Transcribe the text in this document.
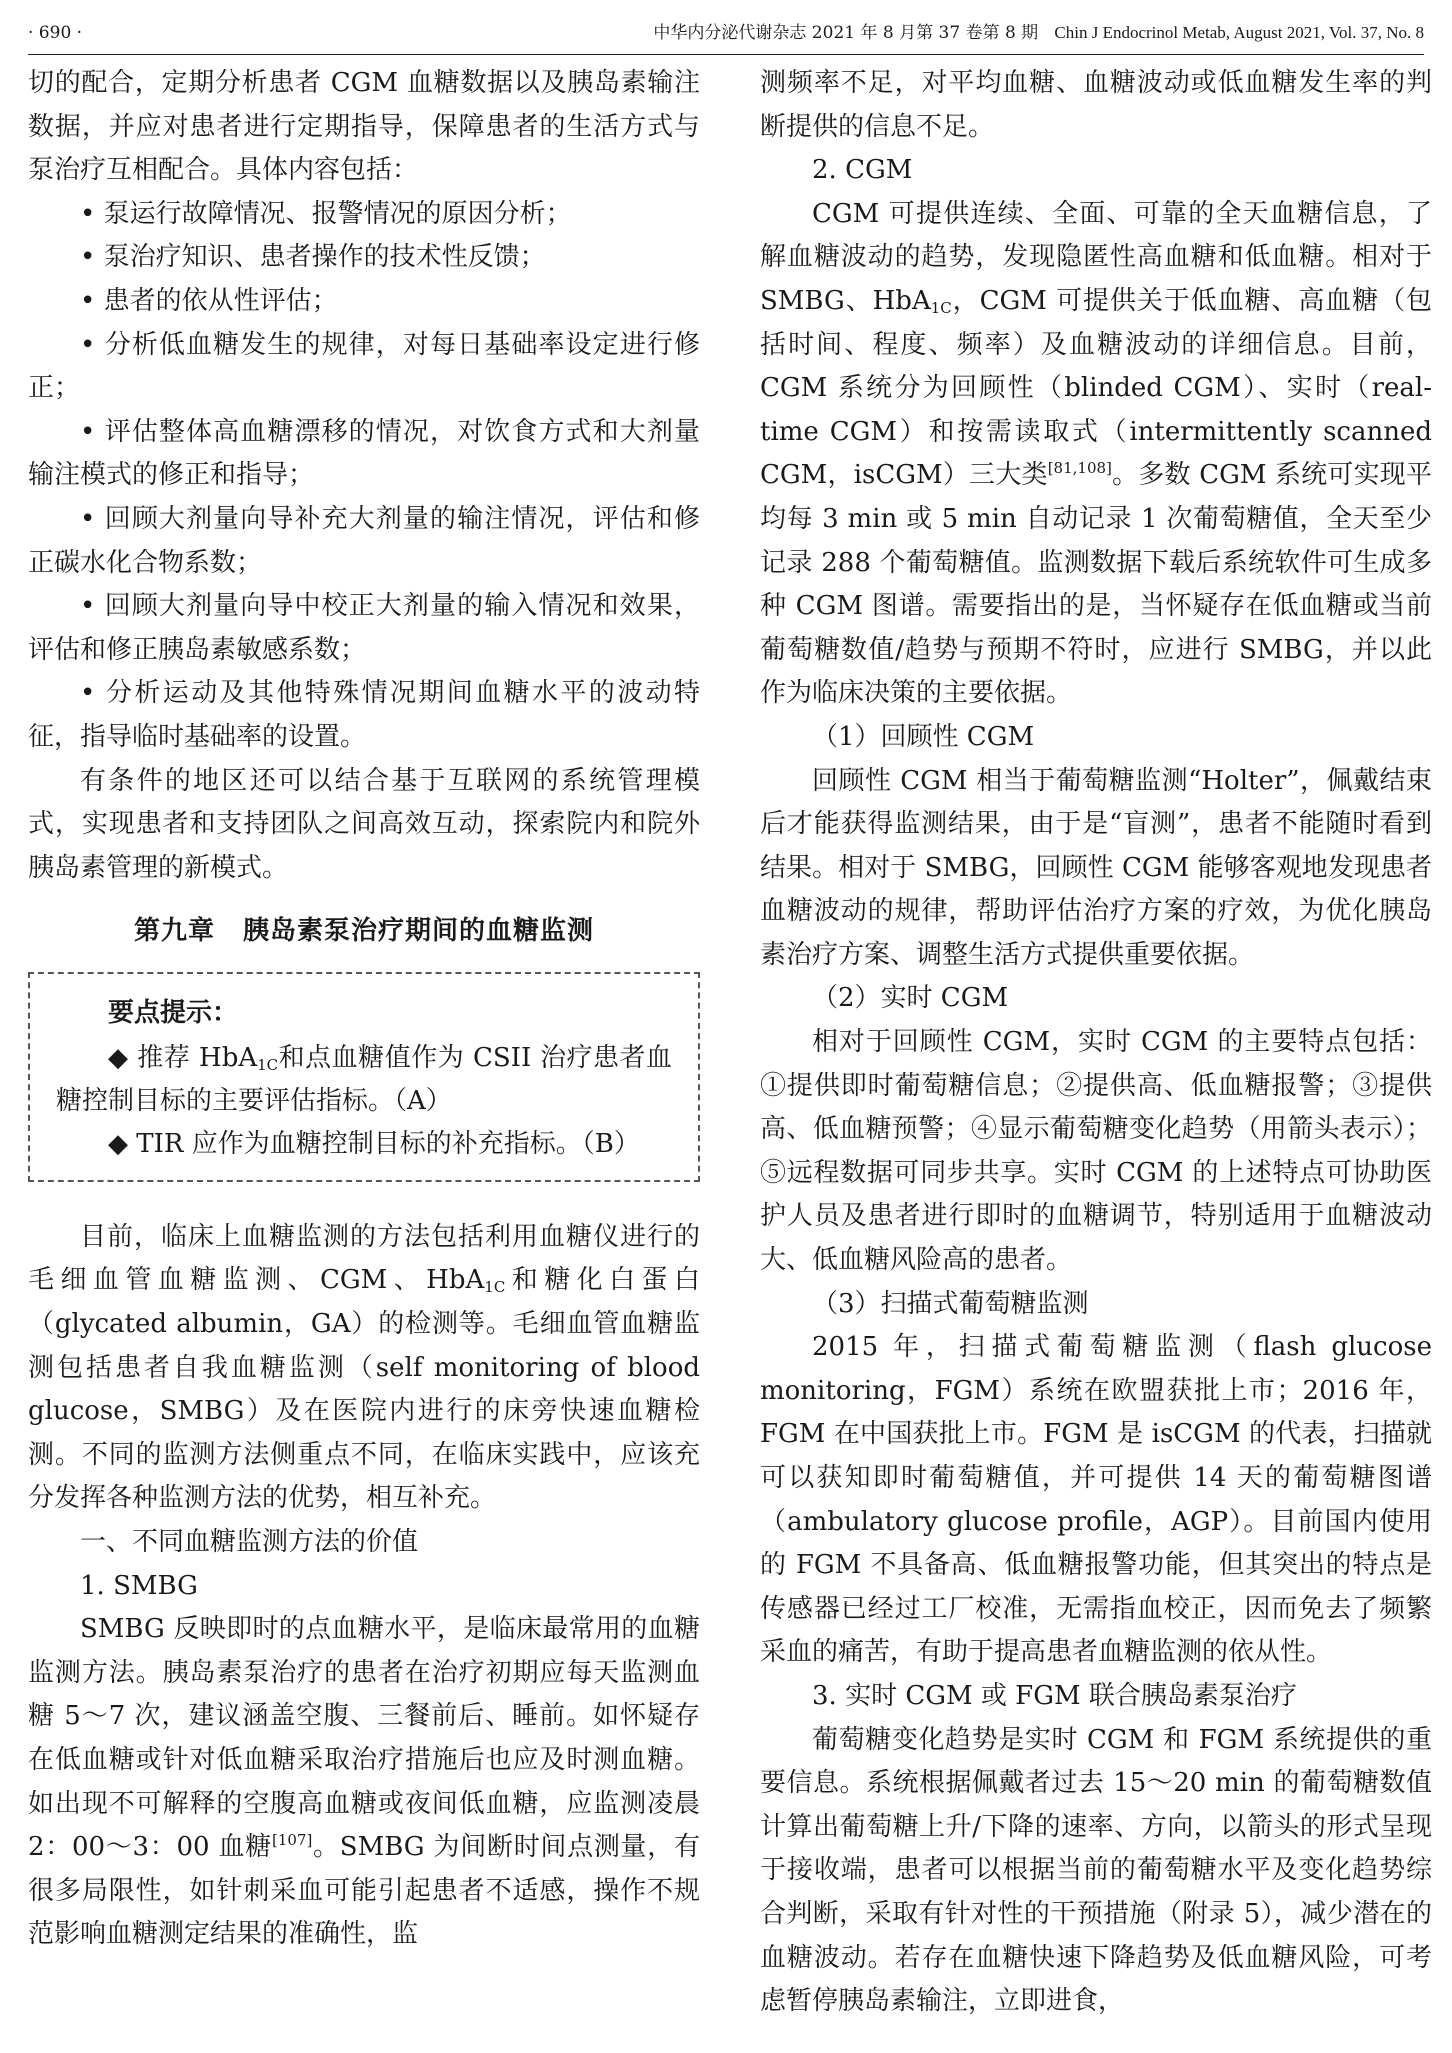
· 690 ·	中华内分泌代谢杂志 2021 年 8 月第 37 卷第 8 期 Chin J Endocrinol Metab, August 2021, Vol. 37, No. 8

切的配合，定期分析患者 CGM 血糖数据以及胰岛素输注数据，并应对患者进行定期指导，保障患者的生活方式与泵治疗互相配合。具体内容包括：

• 泵运行故障情况、报警情况的原因分析；

• 泵治疗知识、患者操作的技术性反馈；

• 患者的依从性评估；

• 分析低血糖发生的规律，对每日基础率设定进行修正；

• 评估整体高血糖漂移的情况，对饮食方式和大剂量输注模式的修正和指导；

• 回顾大剂量向导补充大剂量的输注情况，评估和修正碳水化合物系数；

• 回顾大剂量向导中校正大剂量的输入情况和效果，评估和修正胰岛素敏感系数；

• 分析运动及其他特殊情况期间血糖水平的波动特征，指导临时基础率的设置。

有条件的地区还可以结合基于互联网的系统管理模式，实现患者和支持团队之间高效互动，探索院内和院外胰岛素管理的新模式。

第九章 胰岛素泵治疗期间的血糖监测

要点提示：

◆ 推荐 HbA$_{1C}$和点血糖值作为 CSII 治疗患者血糖控制目标的主要评估指标。（A）

◆ TIR 应作为血糖控制目标的补充指标。（B）

目前，临床上血糖监测的方法包括利用血糖仪进行的毛细血管血糖监测、CGM、HbA$_{1C}$和糖化白蛋白（glycated albumin，GA）的检测等。毛细血管血糖监测包括患者自我血糖监测（self monitoring of blood glucose，SMBG）及在医院内进行的床旁快速血糖检测。不同的监测方法侧重点不同，在临床实践中，应该充分发挥各种监测方法的优势，相互补充。

一、不同血糖监测方法的价值

1. SMBG

SMBG 反映即时的点血糖水平，是临床最常用的血糖监测方法。胰岛素泵治疗的患者在治疗初期应每天监测血糖 5～7 次，建议涵盖空腹、三餐前后、睡前。如怀疑存在低血糖或针对低血糖采取治疗措施后也应及时测血糖。如出现不可解释的空腹高血糖或夜间低血糖，应监测凌晨 2：00～3：00 血糖[107]。SMBG 为间断时间点测量，有很多局限性，如针刺采血可能引起患者不适感，操作不规范影响血糖测定结果的准确性，监

测频率不足，对平均血糖、血糖波动或低血糖发生率的判断提供的信息不足。

2. CGM

CGM 可提供连续、全面、可靠的全天血糖信息，了解血糖波动的趋势，发现隐匿性高血糖和低血糖。相对于 SMBG、HbA$_{1C}$，CGM 可提供关于低血糖、高血糖（包括时间、程度、频率）及血糖波动的详细信息。目前，CGM 系统分为回顾性（blinded CGM）、实时（real-time CGM）和按需读取式（intermittently scanned CGM，isCGM）三大类[81,108]。多数 CGM 系统可实现平均每 3 min 或 5 min 自动记录 1 次葡萄糖值，全天至少记录 288 个葡萄糖值。监测数据下载后系统软件可生成多种 CGM 图谱。需要指出的是，当怀疑存在低血糖或当前葡萄糖数值/趋势与预期不符时，应进行 SMBG，并以此作为临床决策的主要依据。

（1）回顾性 CGM

回顾性 CGM 相当于葡萄糖监测“Holter”，佩戴结束后才能获得监测结果，由于是“盲测”，患者不能随时看到结果。相对于 SMBG，回顾性 CGM 能够客观地发现患者血糖波动的规律，帮助评估治疗方案的疗效，为优化胰岛素治疗方案、调整生活方式提供重要依据。

（2）实时 CGM

相对于回顾性 CGM，实时 CGM 的主要特点包括：①提供即时葡萄糖信息；②提供高、低血糖报警；③提供高、低血糖预警；④显示葡萄糖变化趋势（用箭头表示）；⑤远程数据可同步共享。实时 CGM 的上述特点可协助医护人员及患者进行即时的血糖调节，特别适用于血糖波动大、低血糖风险高的患者。

（3）扫描式葡萄糖监测

2015 年，扫描式葡萄糖监测（flash glucose monitoring，FGM）系统在欧盟获批上市；2016 年，FGM 在中国获批上市。FGM 是 isCGM 的代表，扫描就可以获知即时葡萄糖值，并可提供 14 天的葡萄糖图谱（ambulatory glucose profile，AGP）。目前国内使用的 FGM 不具备高、低血糖报警功能，但其突出的特点是传感器已经过工厂校准，无需指血校正，因而免去了频繁采血的痛苦，有助于提高患者血糖监测的依从性。

3. 实时 CGM 或 FGM 联合胰岛素泵治疗

葡萄糖变化趋势是实时 CGM 和 FGM 系统提供的重要信息。系统根据佩戴者过去 15～20 min 的葡萄糖数值计算出葡萄糖上升/下降的速率、方向，以箭头的形式呈现于接收端，患者可以根据当前的葡萄糖水平及变化趋势综合判断，采取有针对性的干预措施（附录 5），减少潜在的血糖波动。若存在血糖快速下降趋势及低血糖风险，可考虑暂停胰岛素输注，立即进食，
